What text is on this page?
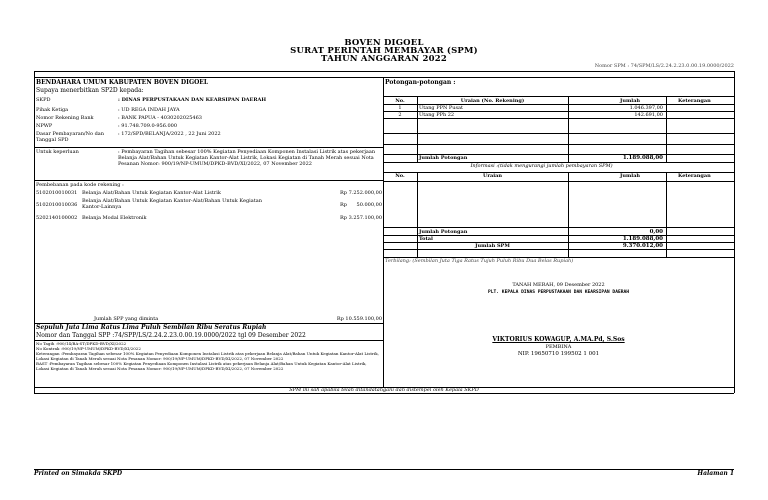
BOVEN DIGOEL
SURAT PERINTAH MEMBAYAR (SPM)
TAHUN ANGGARAN 2022
Nomor SPM : 74/SPM/LS/2.24.2.23.0.00.19.0000/2022
BENDAHARA UMUM KABUPATEN BOVEN DIGOEL
Supaya menerbitkan SP2D kepada:
SKPD	: DINAS PERPUSTAKAAN DAN KEARSIPAN DAERAH
Pihak Ketiga	: UD REGA INDAH JAYA
Nomor Rekening Bank	: BANK PAPUA - 4030202025463
NPWP	: 91.748.709.0-956.000
Dasar Pembayaran/No dan Tanggal SPD
: 172/SPD/BELANJA/2022 , 22 Juni 2022
Untuk keperluan	: Pembayaran Tagihan sebesar 100% Kegiatan Penyediaan Komponen Instalasi Listrik atas pekerjaan Belanja Alat/Bahan Untuk Kegiatan Kantor-Alat Listrik, Lokasi Kegiatan di Tanah Merah sesuai Nota Pesanan Nomor: 900/19/NP-UMUM/DPKD-BVD/XI/2022, 07 November 2022
Pembebanan pada kode rekening :
5102010010031 Belanja Alat/Bahan Untuk Kegiatan Kantor-Alat Listrik	Rp 7.252.000,00
5102010010036
Belanja Alat/Bahan Untuk Kegiatan Kantor-Alat/Bahan Untuk Kegiatan Kantor-Lainnya	Rp      50.000,00
5202140100002 Belanja Modal Elektronik	Rp 3.257.100,00
Jumlah SPP yang diminta	Rp 10.559.100,00
Sepuluh Juta Lima Ratus Lima Puluh Sembilan Ribu Seratus Rupiah
Nomor dan Tanggal SPP :74/SPP/LS/2.24.2.23.0.00.19.0000/2022 tgl 09 Desember 2022
No Tagih :900/14/BA-ST/DPKD-BVD/XI/2022
No Kontrak :900/19/NP-UMUM/DPKD-BVD/XI/2022
Keterangan :Pembayaran Tagihan sebesar 100% Kegiatan Penyediaan Komponen Instalasi Listrik atas pekerjaan Belanja Alat/Bahan Untuk Kegiatan Kantor-Alat Listrik, Lokasi Kegiatan di Tanah Merah sesuai Nota Pesanan Nomor: 900/19/NP-UMUM/DPKD-BVD/XI/2022, 07 November 2022
BAST :Pembayaran Tagihan sebesar 100% Kegiatan Penyediaan Komponen Instalasi Listrik atas pekerjaan Belanja Alat/Bahan Untuk Kegiatan Kantor-Alat Listrik, Lokasi Kegiatan di Tanah Merah sesuai Nota Pesanan Nomor: 900/19/NP-UMUM/DPKD-BVD/XI/2022, 07 November 2022
Potongan-potongan :
No.	Uraian (No. Rekening)	Jumlah	Keterangan
1	Utang PPN Pusat	1.046.397,00
2	Utang PPh 22	142.691,00
Jumlah Potongan	1.189.088,00
Informasi :(tidak mengurangi jumlah pembayaran SPM)
No.	Uraian	Jumlah	Keterangan
Jumlah Potongan	0,00
Total	1.189.088,00
Jumlah SPM	9.370.012,00
Terbilang: (Sembilan Juta Tiga Ratus Tujuh Puluh Ribu Dua Belas Rupiah)
TANAH MERAH, 09 Desember 2022
PLT. KEPALA DINAS PERPUSTAKAAN DAN KEARSIPAN DAERAH
VIKTORIUS KOWAGUP, A.MA.Pd, S.Sos
PEMBINA
NIP. 19650710 199502 1 001
SPM ini sah apabila telah ditandatangani dan distempel oleh Kepala SKPD
Printed on Simakda SKPD	Halaman 1
